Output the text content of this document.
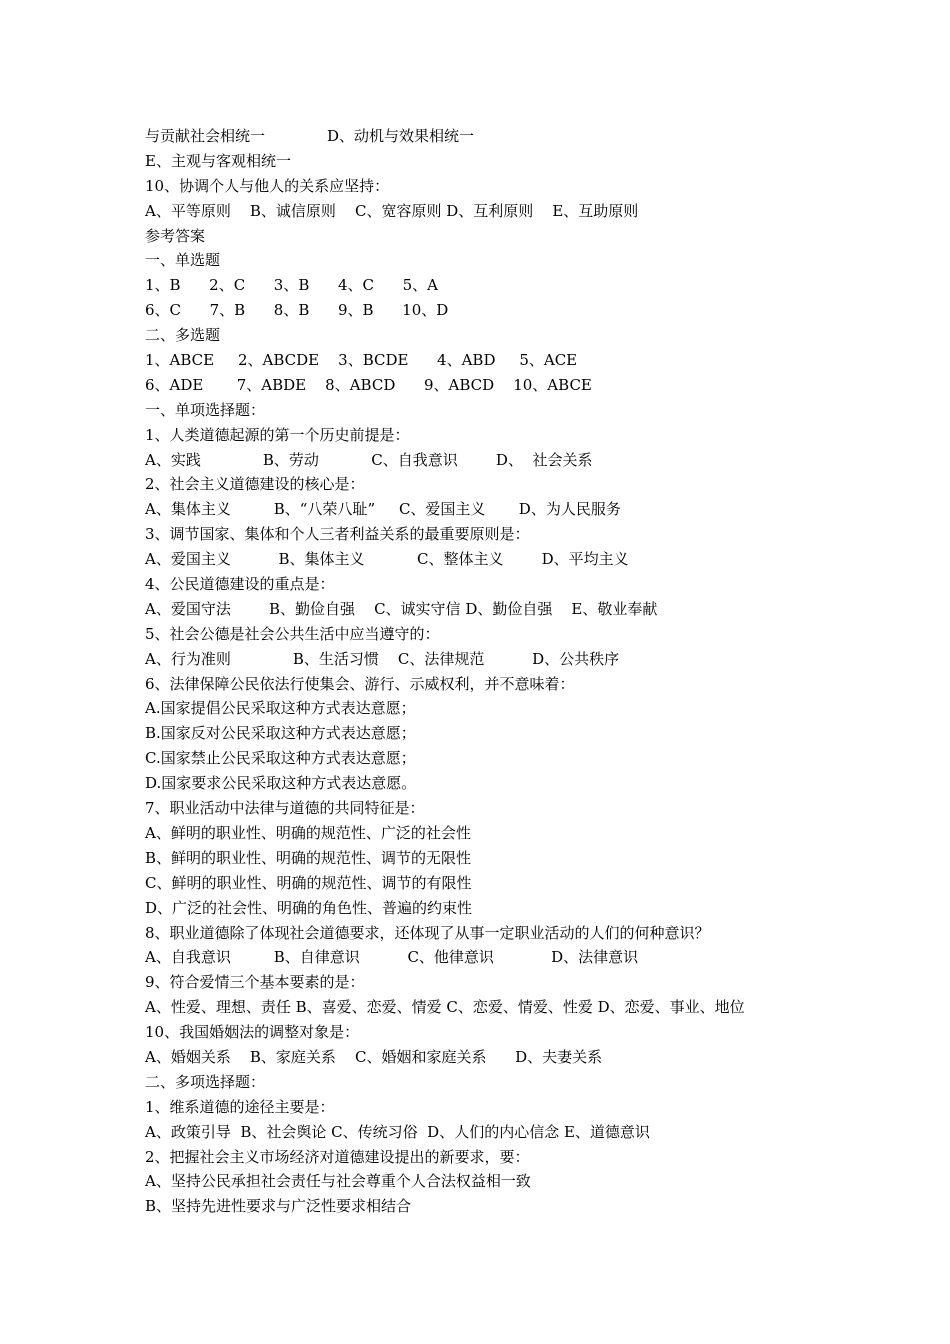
与贡献社会相统一             D、动机与效果相统一
E、主观与客观相统一
10、协调个人与他人的关系应坚持：
A、平等原则    B、诚信原则    C、宽容原则 D、互利原则    E、互助原则
参考答案
一、单选题
1、B      2、C      3、B      4、C      5、A
6、C      7、B      8、B      9、B      10、D
二、多选题
1、ABCE     2、ABCDE    3、BCDE      4、ABD     5、ACE
6、ADE       7、ABDE    8、ABCD      9、ABCD    10、ABCE
一、单项选择题：
1、人类道德起源的第一个历史前提是：
A、实践             B、劳动           C、自我意识        D、  社会关系
2、社会主义道德建设的核心是：
A、集体主义         B、“八荣八耻”     C、爱国主义       D、为人民服务
3、调节国家、集体和个人三者利益关系的最重要原则是：
A、爱国主义          B、集体主义           C、整体主义        D、平均主义
4、公民道德建设的重点是：
A、爱国守法        B、勤俭自强    C、诚实守信 D、勤俭自强    E、敬业奉献
5、社会公德是社会公共生活中应当遵守的：
A、行为准则             B、生活习惯    C、法律规范          D、公共秩序
6、法律保障公民依法行使集会、游行、示威权利，并不意味着：
A.国家提倡公民采取这种方式表达意愿；
B.国家反对公民采取这种方式表达意愿；
C.国家禁止公民采取这种方式表达意愿；
D.国家要求公民采取这种方式表达意愿。
7、职业活动中法律与道德的共同特征是：
A、鲜明的职业性、明确的规范性、广泛的社会性
B、鲜明的职业性、明确的规范性、调节的无限性
C、鲜明的职业性、明确的规范性、调节的有限性
D、广泛的社会性、明确的角色性、普遍的约束性
8、职业道德除了体现社会道德要求，还体现了从事一定职业活动的人们的何种意识？
A、自我意识         B、自律意识          C、他律意识            D、法律意识
9、符合爱情三个基本要素的是：
A、性爱、理想、责任 B、喜爱、恋爱、情爱 C、恋爱、情爱、性爱 D、恋爱、事业、地位
10、我国婚姻法的调整对象是：
A、婚姻关系    B、家庭关系    C、婚姻和家庭关系      D、夫妻关系
二、多项选择题：
1、维系道德的途径主要是：
A、政策引导  B、社会舆论 C、传统习俗  D、人们的内心信念 E、道德意识
2、把握社会主义市场经济对道德建设提出的新要求，要：
A、坚持公民承担社会责任与社会尊重个人合法权益相一致
B、坚持先进性要求与广泛性要求相结合
